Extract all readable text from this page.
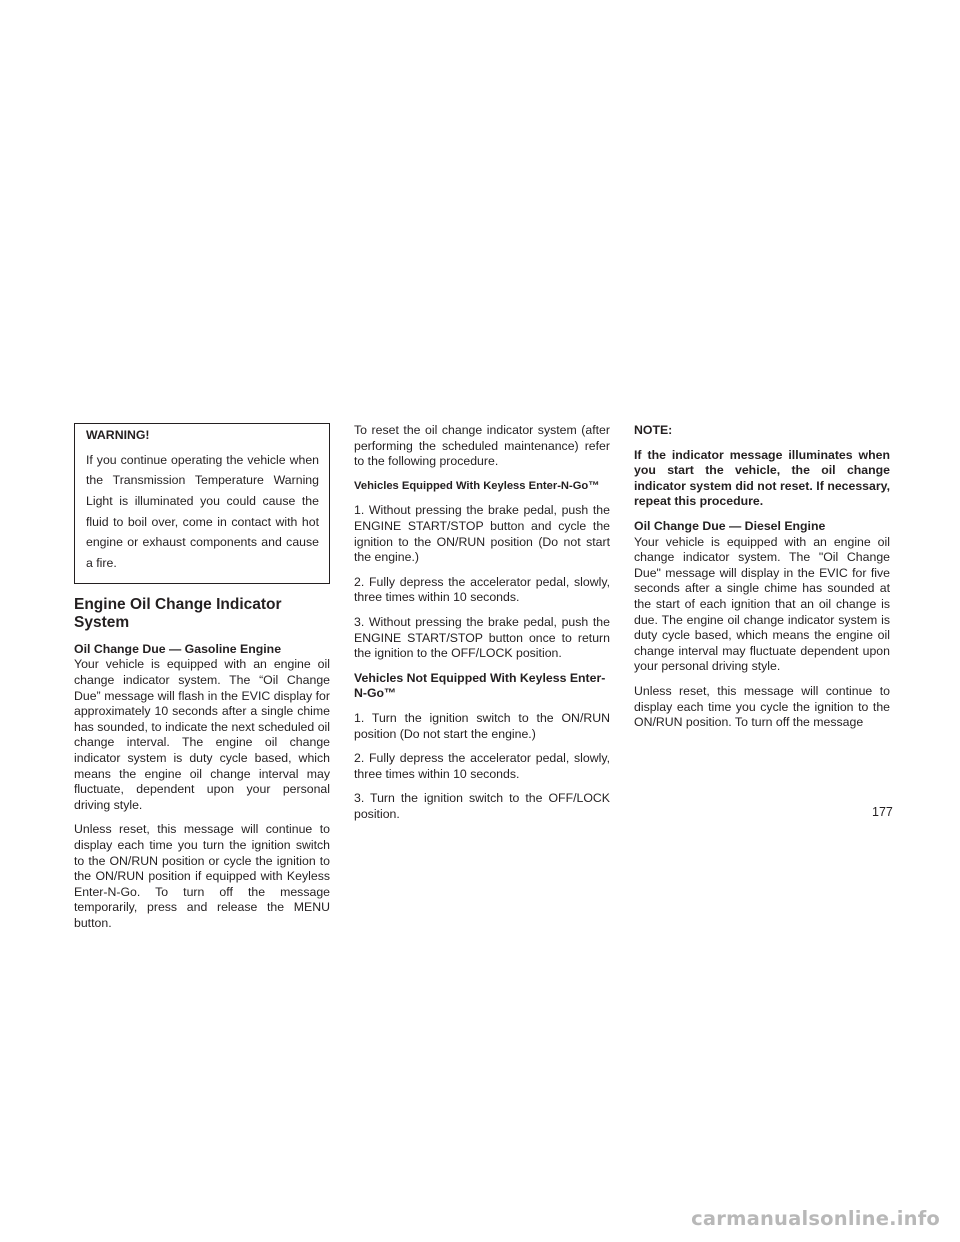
WARNING!
If you continue operating the vehicle when the Transmission Temperature Warning Light is illuminated you could cause the fluid to boil over, come in contact with hot engine or exhaust components and cause a fire.
Engine Oil Change Indicator System

Oil Change Due — Gasoline Engine
Your vehicle is equipped with an engine oil change indicator system. The “Oil Change Due” message will flash in the EVIC display for approximately 10 seconds after a single chime has sounded, to indicate the next scheduled oil change interval. The engine oil change indicator system is duty cycle based, which means the engine oil change interval may fluctuate, dependent upon your personal driving style.

Unless reset, this message will continue to display each time you turn the ignition switch to the ON/RUN position or cycle the ignition to the ON/RUN position if equipped with Keyless Enter-N-Go. To turn off the message temporarily, press and release the MENU button.

To reset the oil change indicator system (after performing the scheduled maintenance) refer to the following procedure.

Vehicles Equipped With Keyless Enter-N-Go™

1. Without pressing the brake pedal, push the ENGINE START/STOP button and cycle the ignition to the ON/RUN position (Do not start the engine.)

2. Fully depress the accelerator pedal, slowly, three times within 10 seconds.

3. Without pressing the brake pedal, push the ENGINE START/STOP button once to return the ignition to the OFF/LOCK position.

Vehicles Not Equipped With Keyless Enter-N-Go™

1. Turn the ignition switch to the ON/RUN position (Do not start the engine.)

2. Fully depress the accelerator pedal, slowly, three times within 10 seconds.

3. Turn the ignition switch to the OFF/LOCK position.

NOTE:

If the indicator message illuminates when you start the vehicle, the oil change indicator system did not reset. If necessary, repeat this procedure.

Oil Change Due — Diesel Engine
Your vehicle is equipped with an engine oil change indicator system. The "Oil Change Due" message will display in the EVIC for five seconds after a single chime has sounded at the start of each ignition that an oil change is due. The engine oil change indicator system is duty cycle based, which means the engine oil change interval may fluctuate dependent upon your personal driving style.

Unless reset, this message will continue to display each time you cycle the ignition to the ON/RUN position. To turn off the message

177
carmanualsonline.info
